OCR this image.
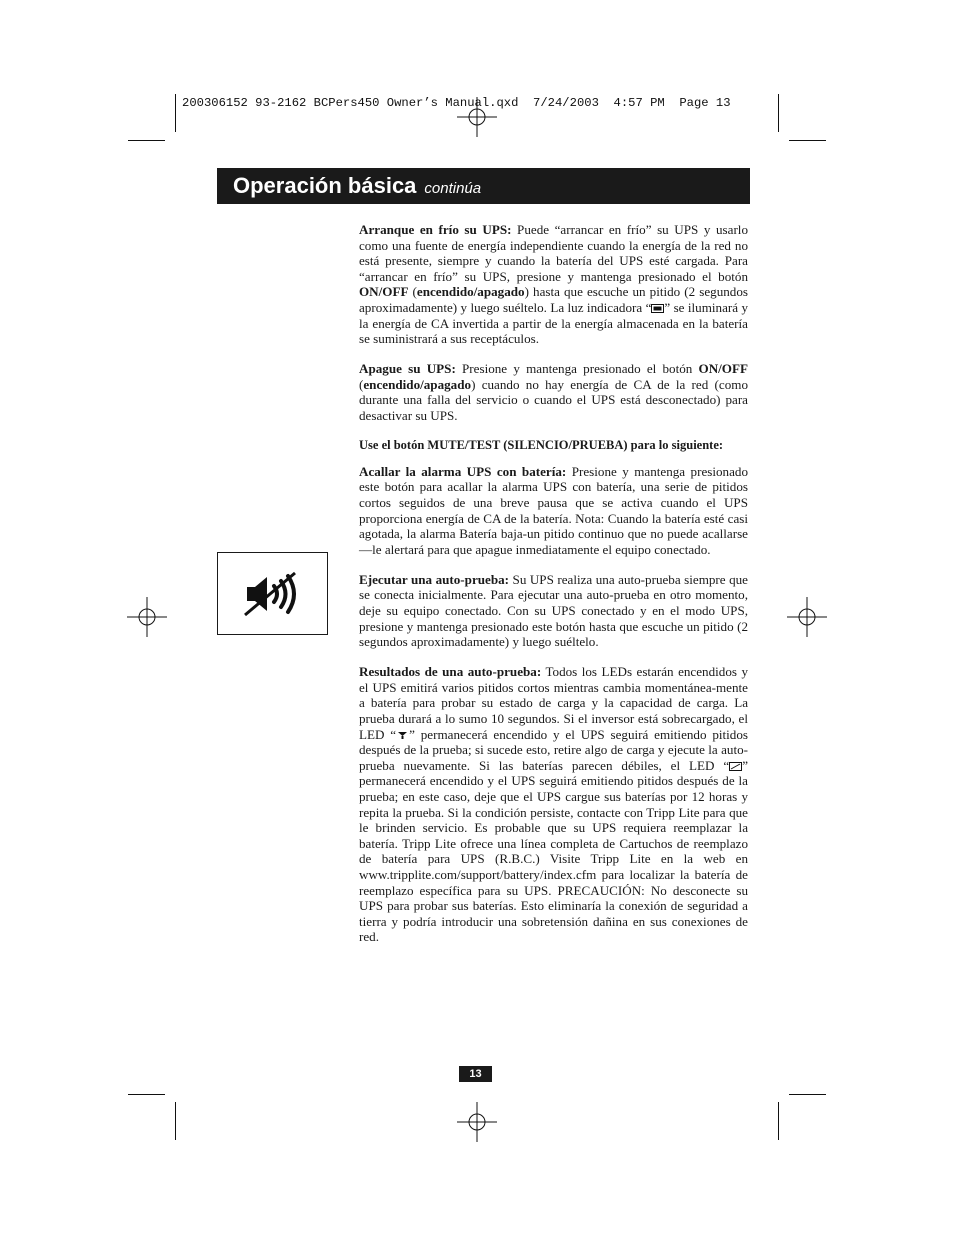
200306152 93-2162 BCPers450 Owner’s Manual.qxd  7/24/2003  4:57 PM  Page 13
Operación básica continúa

Arranque en frío su UPS: Puede “arrancar en frío” su UPS y usarlo como una fuente de energía independiente cuando la energía de la red no está presente, siempre y cuando la batería del UPS esté cargada. Para “arrancar en frío” su UPS, presione y mantenga presionado el botón ON/OFF (encendido/apagado) hasta que escuche un pitido (2 segundos aproximadamente) y luego suéltelo. La luz indicadora “ ” se iluminará y la energía de CA invertida a partir de la energía almacenada en la batería se suministrará a sus receptáculos.

Apague su UPS: Presione y mantenga presionado el botón ON/OFF (encendido/apagado) cuando no hay energía de CA de la red (como durante una falla del servicio o cuando el UPS está desconectado) para desactivar su UPS.

Use el botón MUTE/TEST (SILENCIO/PRUEBA) para lo siguiente:

Acallar la alarma UPS con batería: Presione y mantenga presionado este botón para acallar la alarma UPS con batería, una serie de pitidos cortos seguidos de una breve pausa que se activa cuando el UPS proporciona energía de CA de la batería. Nota: Cuando la batería esté casi agotada, la alarma Batería baja-un pitido continuo que no puede acallarse—le alertará para que apague inmediatamente el equipo conectado.

Ejecutar una auto-prueba: Su UPS realiza una auto-prueba siempre que se conecta inicialmente. Para ejecutar una auto-prueba en otro momento, deje su equipo conectado. Con su UPS conectado y en el modo UPS, presione y mantenga presionado este botón hasta que escuche un pitido (2 segundos aproximadamente) y luego suéltelo.

Resultados de una auto-prueba: Todos los LEDs estarán encendidos y el UPS emitirá varios pitidos cortos mientras cambia momentánea-mente a batería para probar su estado de carga y la capacidad de carga. La prueba durará a lo sumo 10 segundos. Si el inversor está sobrecargado, el LED “ ” permanecerá encendido y el UPS seguirá emitiendo pitidos después de la prueba; si sucede esto, retire algo de carga y ejecute la auto-prueba nuevamente. Si las baterías parecen débiles, el LED “ ” permanecerá encendido y el UPS seguirá emitiendo pitidos después de la prueba; en este caso, deje que el UPS cargue sus baterías por 12 horas y repita la prueba. Si la condición persiste, contacte con Tripp Lite para que le brinden servicio. Es probable que su UPS requiera reemplazar la batería. Tripp Lite ofrece una línea completa de Cartuchos de reemplazo de batería para UPS (R.B.C.) Visite Tripp Lite en la web en www.tripplite.com/support/battery/index.cfm para localizar la batería de reemplazo específica para su UPS. PRECAUCIÓN: No desconecte su UPS para probar sus baterías. Esto eliminaría la conexión de seguridad a tierra y podría introducir una sobretensión dañina en sus conexiones de red.

13
